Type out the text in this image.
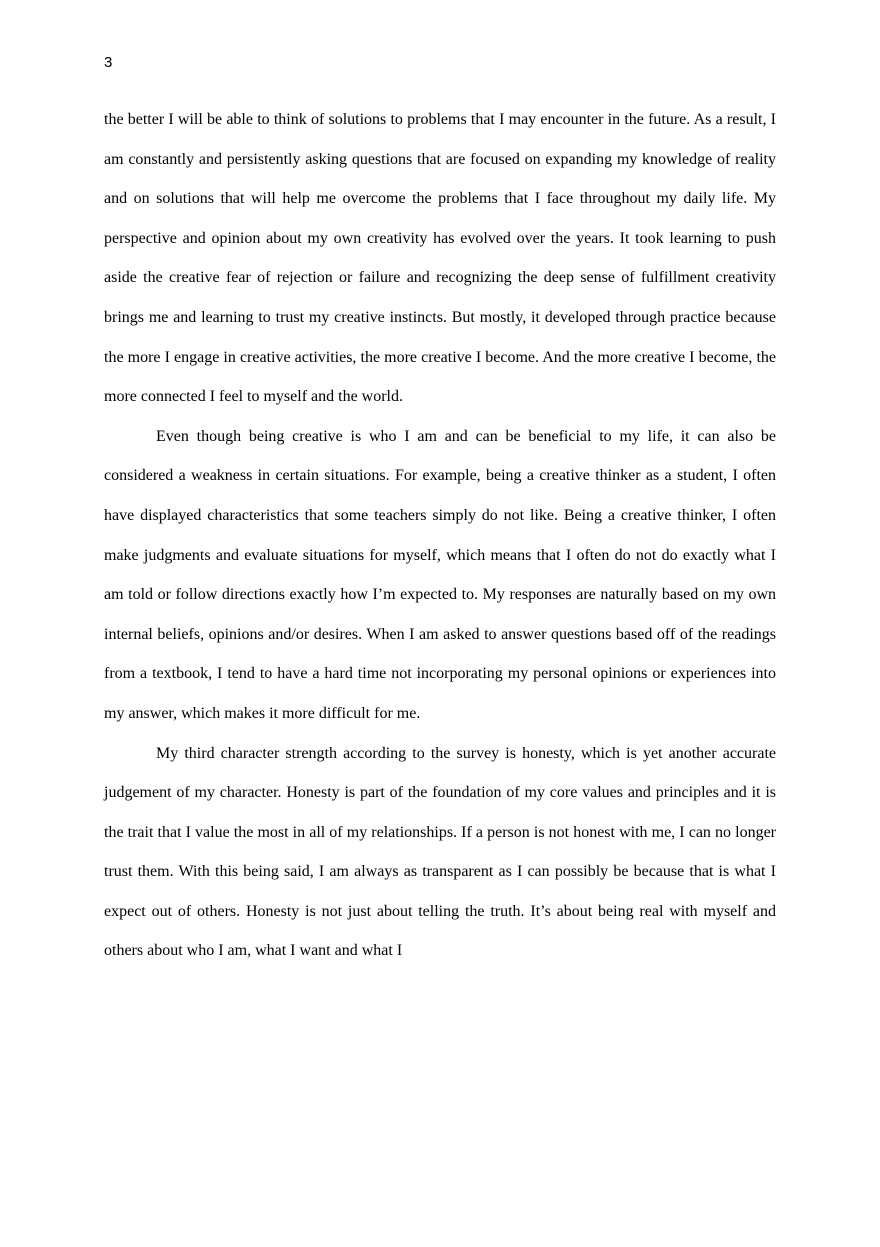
3

the better I will be able to think of solutions to problems that I may encounter in the future. As a result, I am constantly and persistently asking questions that are focused on expanding my knowledge of reality and on solutions that will help me overcome the problems that I face throughout my daily life. My perspective and opinion about my own creativity has evolved over the years. It took learning to push aside the creative fear of rejection or failure and recognizing the deep sense of fulfillment creativity brings me and learning to trust my creative instincts. But mostly, it developed through practice because the more I engage in creative activities, the more creative I become. And the more creative I become, the more connected I feel to myself and the world.

Even though being creative is who I am and can be beneficial to my life, it can also be considered a weakness in certain situations. For example, being a creative thinker as a student, I often have displayed characteristics that some teachers simply do not like. Being a creative thinker, I often make judgments and evaluate situations for myself, which means that I often do not do exactly what I am told or follow directions exactly how I’m expected to. My responses are naturally based on my own internal beliefs, opinions and/or desires. When I am asked to answer questions based off of the readings from a textbook, I tend to have a hard time not incorporating my personal opinions or experiences into my answer, which makes it more difficult for me.

My third character strength according to the survey is honesty, which is yet another accurate judgement of my character. Honesty is part of the foundation of my core values and principles and it is the trait that I value the most in all of my relationships. If a person is not honest with me, I can no longer trust them. With this being said, I am always as transparent as I can possibly be because that is what I expect out of others. Honesty is not just about telling the truth. It’s about being real with myself and others about who I am, what I want and what I
